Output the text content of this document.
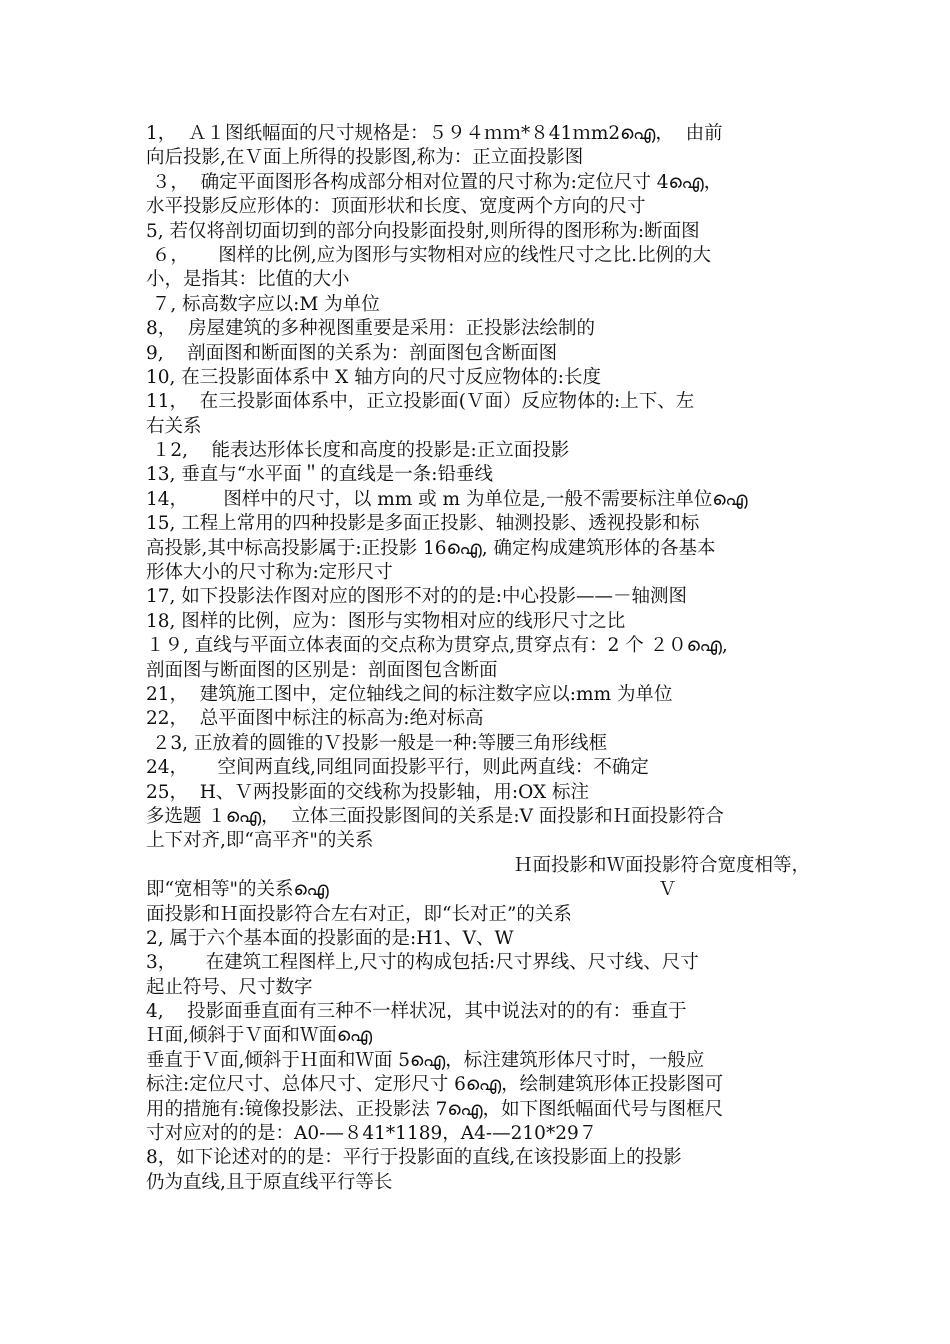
1，  Ａ１图纸幅面的尺寸规格是：５９４ｍｍ*８41ｍm2ഐ，  由前
向后投影,在Ｖ面上所得的投影图,称为：正立面投影图
３，  确定平面图形各构成部分相对位置的尺寸称为:定位尺寸 4ഐ，
水平投影反应形体的：顶面形状和长度、宽度两个方向的尺寸
5, 若仅将剖切面切到的部分向投影面投射,则所得的图形称为:断面图
６，     图样的比例,应为图形与实物相对应的线性尺寸之比.比例的大
小，是指其：比值的大小
７, 标高数字应以:M 为单位
8，  房屋建筑的多种视图重要是采用：正投影法绘制的
9,    剖面图和断面图的关系为：剖面图包含断面图
10, 在三投影面体系中 X 轴方向的尺寸反应物体的:长度
11，  在三投影面体系中，正立投影面(Ｖ面）反应物体的:上下、左
右关系
１2,    能表达形体长度和高度的投影是:正立面投影
13, 垂直与“水平面＂的直线是一条:铅垂线
14，      图样中的尺寸，以 mm 或 m 为单位是,一般不需要标注单位ഐ
15, 工程上常用的四种投影是多面正投影、轴测投影、透视投影和标
高投影,其中标高投影属于:正投影 16ഐ, 确定构成建筑形体的各基本
形体大小的尺寸称为:定形尺寸
17, 如下投影法作图对应的图形不对的的是:中心投影——－轴测图
18, 图样的比例，应为：图形与实物相对应的线形尺寸之比
１９, 直线与平面立体表面的交点称为贯穿点,贯穿点有：2 个 ２０ഐ,
剖面图与断面图的区别是：剖面图包含断面
21，  建筑施工图中，定位轴线之间的标注数字应以:mm 为单位
22，  总平面图中标注的标高为:绝对标高
２3, 正放着的圆锥的Ｖ投影一般是一种:等腰三角形线框
24，     空间两直线,同组同面投影平行，则此两直线：不确定
25，  H、Ｖ两投影面的交线称为投影轴，用:OX 标注
多选题 １ഐ，  立体三面投影图间的关系是:V 面投影和Ｈ面投影符合
上下对齐,即“高平齐"的关系
Ｈ面投影和Ｗ面投影符合宽度相等，
即“宽相等"的关系ഐ                                                        Ｖ
面投影和Ｈ面投影符合左右对正，即“长对正”的关系
2, 属于六个基本面的投影面的是:H1、V、W
3，     在建筑工程图样上,尺寸的构成包括:尺寸界线、尺寸线、尺寸
起止符号、尺寸数字
4,    投影面垂直面有三种不一样状况，其中说法对的的有：垂直于
Ｈ面,倾斜于Ｖ面和Ｗ面ഐ
垂直于Ｖ面,倾斜于Ｈ面和Ｗ面 5ഐ，标注建筑形体尺寸时，一般应
标注:定位尺寸、总体尺寸、定形尺寸 6ഐ，绘制建筑形体正投影图可
用的措施有:镜像投影法、正投影法 7ഐ，如下图纸幅面代号与图框尺
寸对应对的的是：A0-—８41*1189，A4-—210*29７
8，如下论述对的的是：平行于投影面的直线,在该投影面上的投影
仍为直线,且于原直线平行等长
